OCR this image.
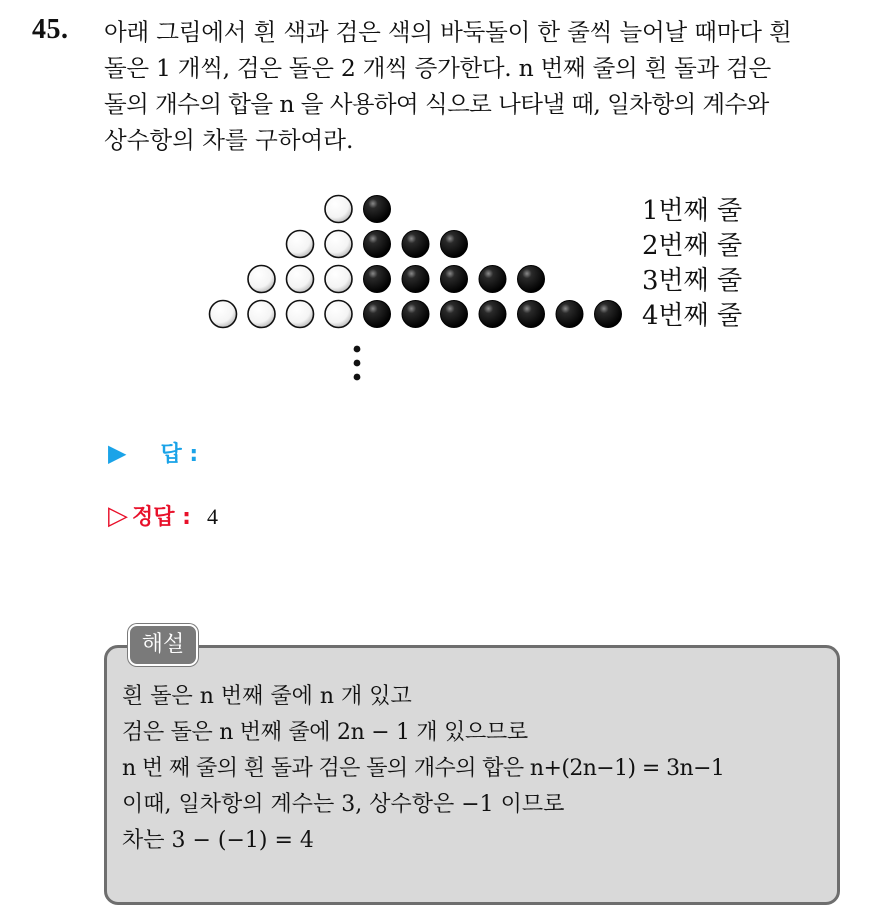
45. 아래 그림에서 흰 색과 검은 색의 바둑돌이 한 줄씩 늘어날 때마다 흰
돌은 1 개씩, 검은 돌은 2 개씩 증가한다. n 번째 줄의 흰 돌과 검은
돌의 개수의 합을 n 을 사용하여 식으로 나타낼 때, 일차항의 계수와
상수항의 차를 구하여라.
1번째 줄
2번째 줄
3번째 줄
4번째 줄
▶ 답 :
▷ 정답 : 4
해설
흰 돌은 n 번째 줄에 n 개 있고
검은 돌은 n 번째 줄에 2n − 1 개 있으므로
n 번 째 줄의 흰 돌과 검은 돌의 개수의 합은 n+(2n−1) = 3n−1
이때, 일차항의 계수는 3, 상수항은 −1 이므로
차는 3 − (−1) = 4
